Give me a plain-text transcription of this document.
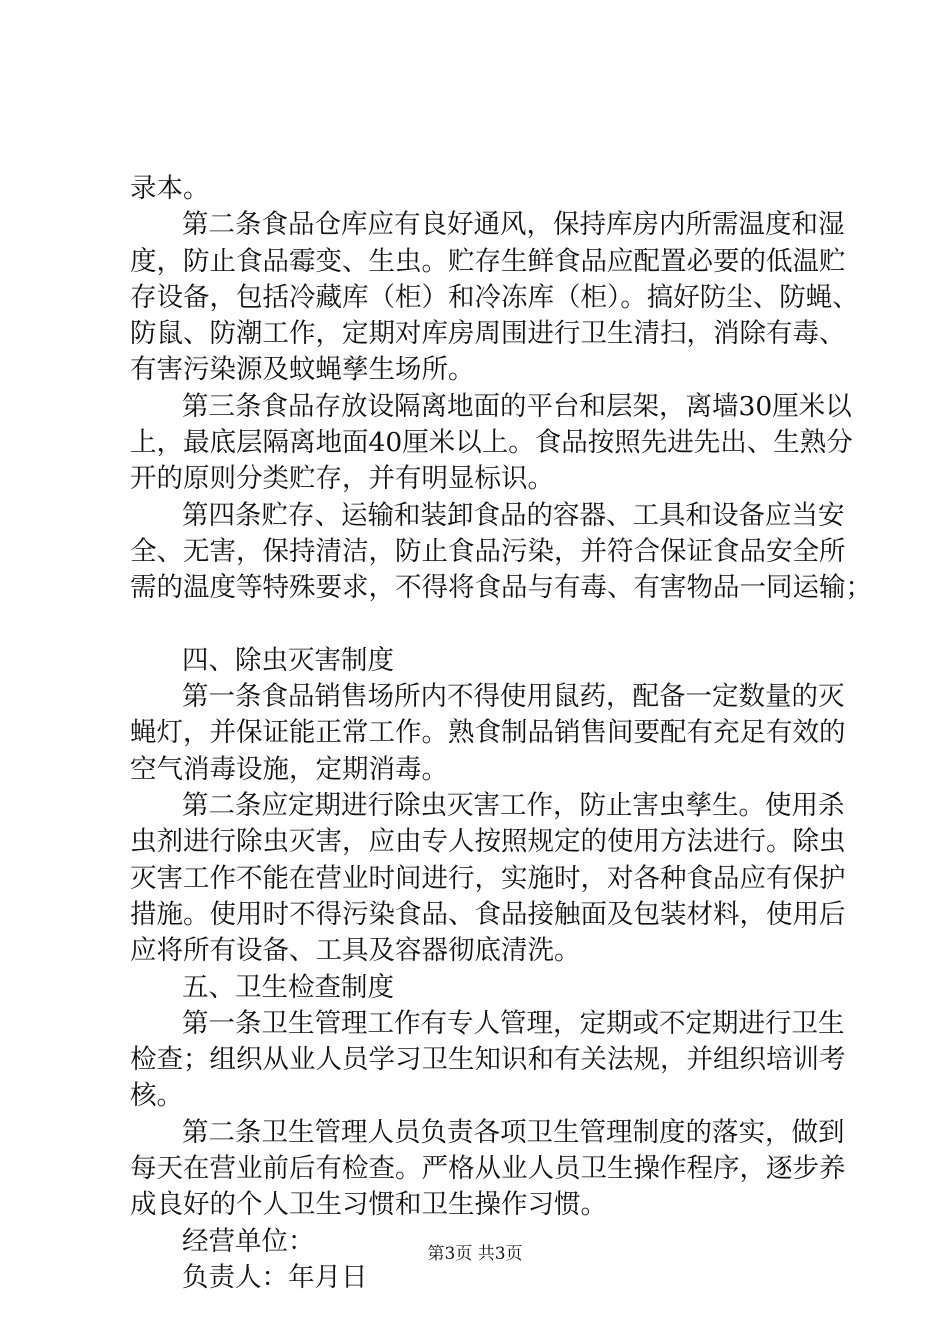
录本。
第二条食品仓库应有良好通风，保持库房内所需温度和湿
度，防止食品霉变、生虫。贮存生鲜食品应配置必要的低温贮
存设备，包括冷藏库（柜）和冷冻库（柜）。搞好防尘、防蝇、
防鼠、防潮工作，定期对库房周围进行卫生清扫，消除有毒、
有害污染源及蚊蝇孳生场所。
第三条食品存放设隔离地面的平台和层架，离墙30厘米以
上，最底层隔离地面40厘米以上。食品按照先进先出、生熟分
开的原则分类贮存，并有明显标识。
第四条贮存、运输和装卸食品的容器、工具和设备应当安
全、无害，保持清洁，防止食品污染，并符合保证食品安全所
需的温度等特殊要求，不得将食品与有毒、有害物品一同运输；
四、除虫灭害制度
第一条食品销售场所内不得使用鼠药，配备一定数量的灭
蝇灯，并保证能正常工作。熟食制品销售间要配有充足有效的
空气消毒设施，定期消毒。
第二条应定期进行除虫灭害工作，防止害虫孳生。使用杀
虫剂进行除虫灭害，应由专人按照规定的使用方法进行。除虫
灭害工作不能在营业时间进行，实施时，对各种食品应有保护
措施。使用时不得污染食品、食品接触面及包装材料，使用后
应将所有设备、工具及容器彻底清洗。
五、卫生检查制度
第一条卫生管理工作有专人管理，定期或不定期进行卫生
检查；组织从业人员学习卫生知识和有关法规，并组织培训考
核。
第二条卫生管理人员负责各项卫生管理制度的落实，做到
每天在营业前后有检查。严格从业人员卫生操作程序，逐步养
成良好的个人卫生习惯和卫生操作习惯。
经营单位：
负责人：年月日
第3页 共3页
